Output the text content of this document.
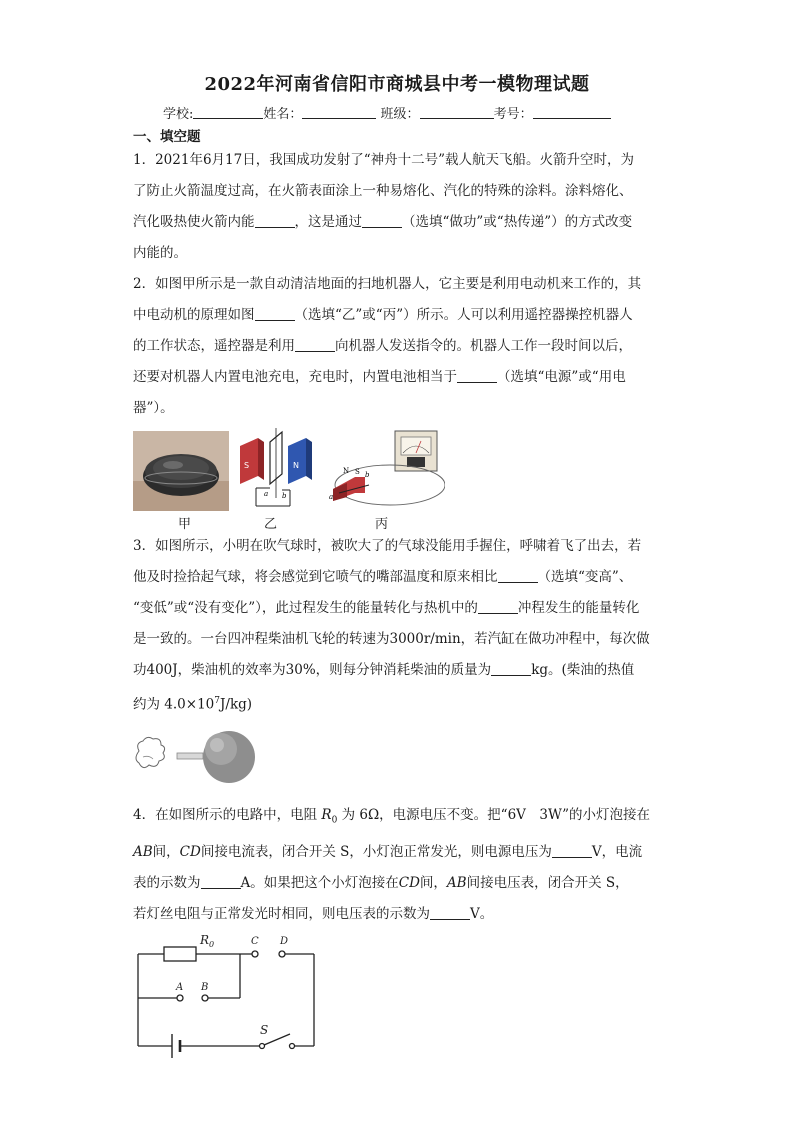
2022年河南省信阳市商城县中考一模物理试题
学校:	姓名：	班级：	考号：
一、填空题

1．2021年6月17日，我国成功发射了“神舟十二号”载人航天飞船。火箭升空时，为

了防止火箭温度过高，在火箭表面涂上一种易熔化、汽化的特殊的涂料。涂料熔化、

汽化吸热使火箭内能	，这是通过	（选填“做功”或“热传递”）的方式改变

内能的。

2．如图甲所示是一款自动清洁地面的扫地机器人，它主要是利用电动机来工作的，其

中电动机的原理如图	（选填“乙”或“丙”）所示。人可以利用遥控器操控机器人

的工作状态，遥控器是利用	向机器人发送指令的。机器人工作一段时间以后，

还要对机器人内置电池充电，充电时，内置电池相当于	（选填“电源”或“用电

器”）。

S	N
a b
N S
a
b
甲	乙	丙

3．如图所示，小明在吹气球时，被吹大了的气球没能用手握住，呼啸着飞了出去，若

他及时捡拾起气球，将会感觉到它喷气的嘴部温度和原来相比	（选填“变高”、

“变低”或“没有变化”），此过程发生的能量转化与热机中的	冲程发生的能量转化

是一致的。一台四冲程柴油机飞轮的转速为3000r/min，若汽缸在做功冲程中，每次做

功400J，柴油机的效率为30%，则每分钟消耗柴油的质量为	kg。(柴油的热值

约为 $4.0\times 10^7J/kg$)

4．在如图所示的电路中，电阻 $R_0$ 为 6Ω，电源电压不变。把“6V　3W”的小灯泡接在

AB间，CD间接电流表，闭合开关 S，小灯泡正常发光，则电源电压为	V，电流

表的示数为	A。如果把这个小灯泡接在CD间，AB间接电压表，闭合开关 S，

若灯丝电阻与正常发光时相同，则电压表的示数为	V。

R 0	C D
A B
S
